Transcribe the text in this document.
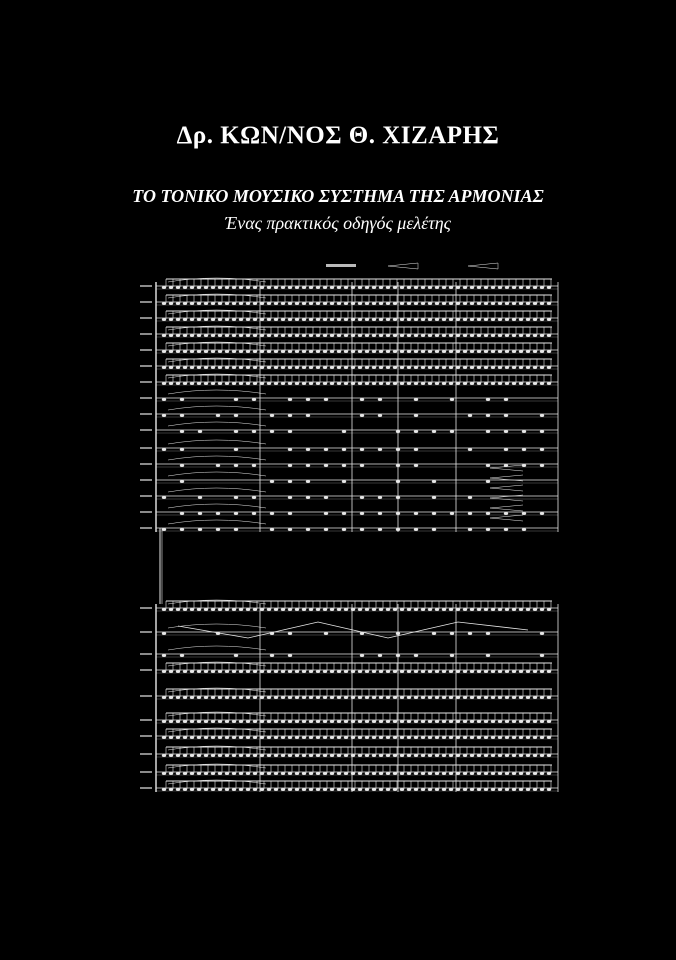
Δρ. ΚΩΝ/ΝΟΣ Θ. ΧΙΖΑΡΗΣ
ΤΟ ΤΟΝΙΚΟ ΜΟΥΣΙΚΟ ΣΥΣΤΗΜΑ ΤΗΣ ΑΡΜΟΝΙΑΣ
Ένας πρακτικός οδηγός μελέτης
